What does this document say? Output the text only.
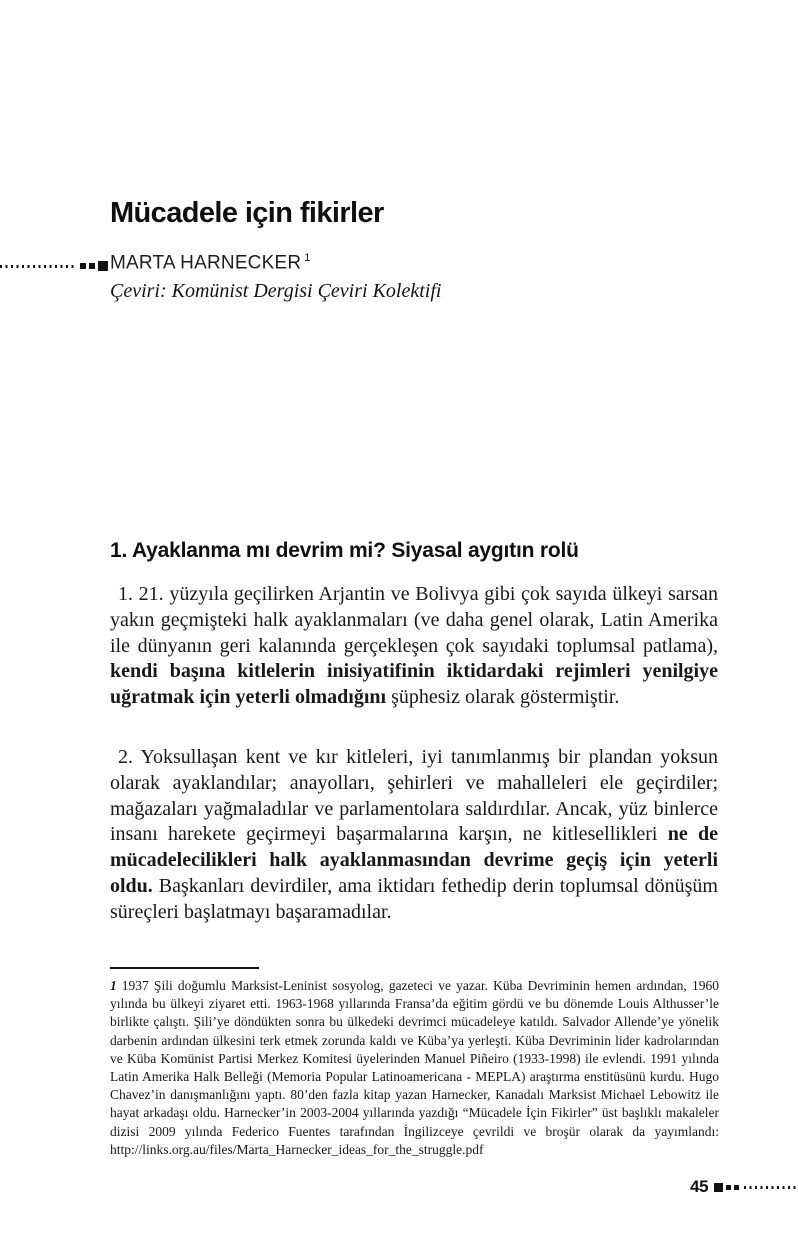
Mücadele için fikirler
MARTA HARNECKER $^1$
Çeviri: Komünist Dergisi Çeviri Kolektifi
1. Ayaklanma mı devrim mi? Siyasal aygıtın rolü

1. 21. yüzyıla geçilirken Arjantin ve Bolivya gibi çok sayıda ülkeyi sarsan yakın geçmişteki halk ayaklanmaları (ve daha genel olarak, Latin Amerika ile dünyanın geri kalanında gerçekleşen çok sayıdaki toplumsal patlama), kendi başına kitlelerin inisiyatifinin iktidardaki rejimleri yenilgiye uğratmak için yeterli olmadığını şüphesiz olarak göstermiştir.

2. Yoksullaşan kent ve kır kitleleri, iyi tanımlanmış bir plandan yoksun olarak ayaklandılar; anayolları, şehirleri ve mahalleleri ele geçirdiler; mağazaları yağmaladılar ve parlamentolara saldırdılar. Ancak, yüz binlerce insanı harekete geçirmeyi başarmalarına karşın, ne kitlesellikleri ne de mücadelecilikleri halk ayaklanmasından devrime geçiş için yeterli oldu. Başkanları devirdiler, ama iktidarı fethedip derin toplumsal dönüşüm süreçleri başlatmayı başaramadılar.

1 1937 Şili doğumlu Marksist-Leninist sosyolog, gazeteci ve yazar. Küba Devriminin hemen ardından, 1960 yılında bu ülkeyi ziyaret etti. 1963-1968 yıllarında Fransa’da eğitim gördü ve bu dönemde Louis Althusser’le birlikte çalıştı. Şili’ye döndükten sonra bu ülkedeki devrimci mücadeleye katıldı. Salvador Allende’ye yönelik darbenin ardından ülkesini terk etmek zorunda kaldı ve Küba’ya yerleşti. Küba Devriminin lider kadrolarından ve Küba Komünist Partisi Merkez Komitesi üyelerinden Manuel Piñeiro (1933-1998) ile evlendi. 1991 yılında Latin Amerika Halk Belleği (Memoria Popular Latinoamericana - MEPLA) araştırma enstitüsünü kurdu. Hugo Chavez’in danışmanlığını yaptı. 80’den fazla kitap yazan Harnecker, Kanadalı Marksist Michael Lebowitz ile hayat arkadaşı oldu. Harnecker’in 2003-2004 yıllarında yazdığı “Mücadele İçin Fikirler” üst başlıklı makaleler dizisi 2009 yılında Federico Fuentes tarafından İngilizceye çevrildi ve broşür olarak da yayımlandı: http://links.org.au/files/Marta_Harnecker_ideas_for_the_struggle.pdf
45
